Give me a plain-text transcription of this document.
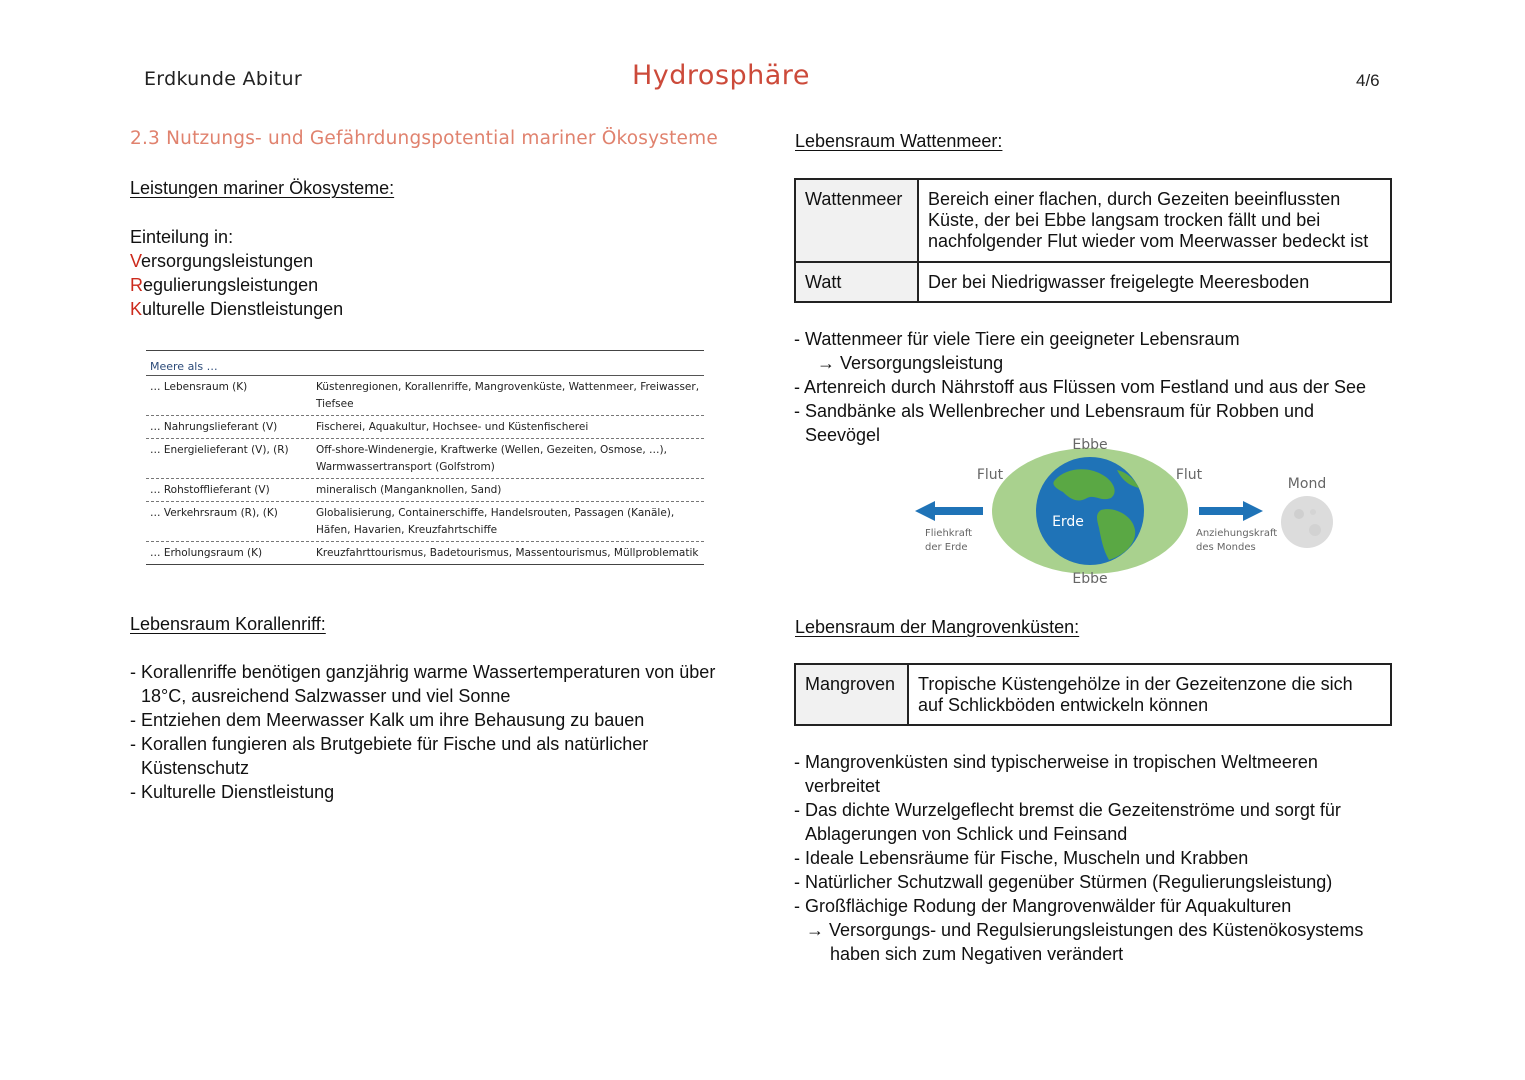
Erdkunde Abitur	Hydrosphäre	4/6
2.3 Nutzungs- und Gefährdungspotential mariner Ökosysteme
Leistungen mariner Ökosysteme:
Einteilung in:
Versorgungsleistungen
Regulierungsleistungen
Kulturelle Dienstleistungen
Meere als …
… Lebensraum (K)	Küstenregionen, Korallenriffe, Mangrovenküste, Wattenmeer, Freiwasser, Tiefsee
… Nahrungslieferant (V)	Fischerei, Aquakultur, Hochsee- und Küstenfischerei
… Energielieferant (V), (R)	Off-shore-Windenergie, Kraftwerke (Wellen, Gezeiten, Osmose, …), Warmwassertransport (Golfstrom)
… Rohstofflieferant (V)	mineralisch (Manganknollen, Sand)
… Verkehrsraum (R), (K)	Globalisierung, Containerschiffe, Handelsrouten, Passagen (Kanäle), Häfen, Havarien, Kreuzfahrtschiffe
… Erholungsraum (K)	Kreuzfahrttourismus, Badetourismus, Massentourismus, Müllproblematik
Lebensraum Korallenriff:
- Korallenriffe benötigen ganzjährig warme Wassertemperaturen von über
18°C, ausreichend Salzwasser und viel Sonne
- Entziehen dem Meerwasser Kalk um ihre Behausung zu bauen
- Korallen fungieren als Brutgebiete für Fische und als natürlicher
Küstenschutz
- Kulturelle Dienstleistung
Lebensraum Wattenmeer:
Wattenmeer	Bereich einer flachen, durch Gezeiten beeinflussten Küste, der bei Ebbe langsam trocken fällt und bei nachfolgender Flut wieder vom Meerwasser bedeckt ist
Watt	Der bei Niedrigwasser freigelegte Meeresboden
- Wattenmeer für viele Tiere ein geeigneter Lebensraum
→ Versorgungsleistung
- Artenreich durch Nährstoff aus Flüssen vom Festland und aus der See
- Sandbänke als Wellenbrecher und Lebensraum für Robben und
Seevögel	Ebbe
Ebbe
Flut	Flut
Erde
Mond
Fliehkraft
der Erde
Anziehungskraft
des Mondes
Lebensraum der Mangrovenküsten:
Mangroven	Tropische Küstengehölze in der Gezeitenzone die sich auf Schlickböden entwickeln können
- Mangrovenküsten sind typischerweise in tropischen Weltmeeren
verbreitet
- Das dichte Wurzelgeflecht bremst die Gezeitenströme und sorgt für
Ablagerungen von Schlick und Feinsand
- Ideale Lebensräume für Fische, Muscheln und Krabben
- Natürlicher Schutzwall gegenüber Stürmen (Regulierungsleistung)
- Großflächige Rodung der Mangrovenwälder für Aquakulturen
→ Versorgungs- und Regulsierungsleistungen des Küstenökosystems
haben sich zum Negativen verändert
